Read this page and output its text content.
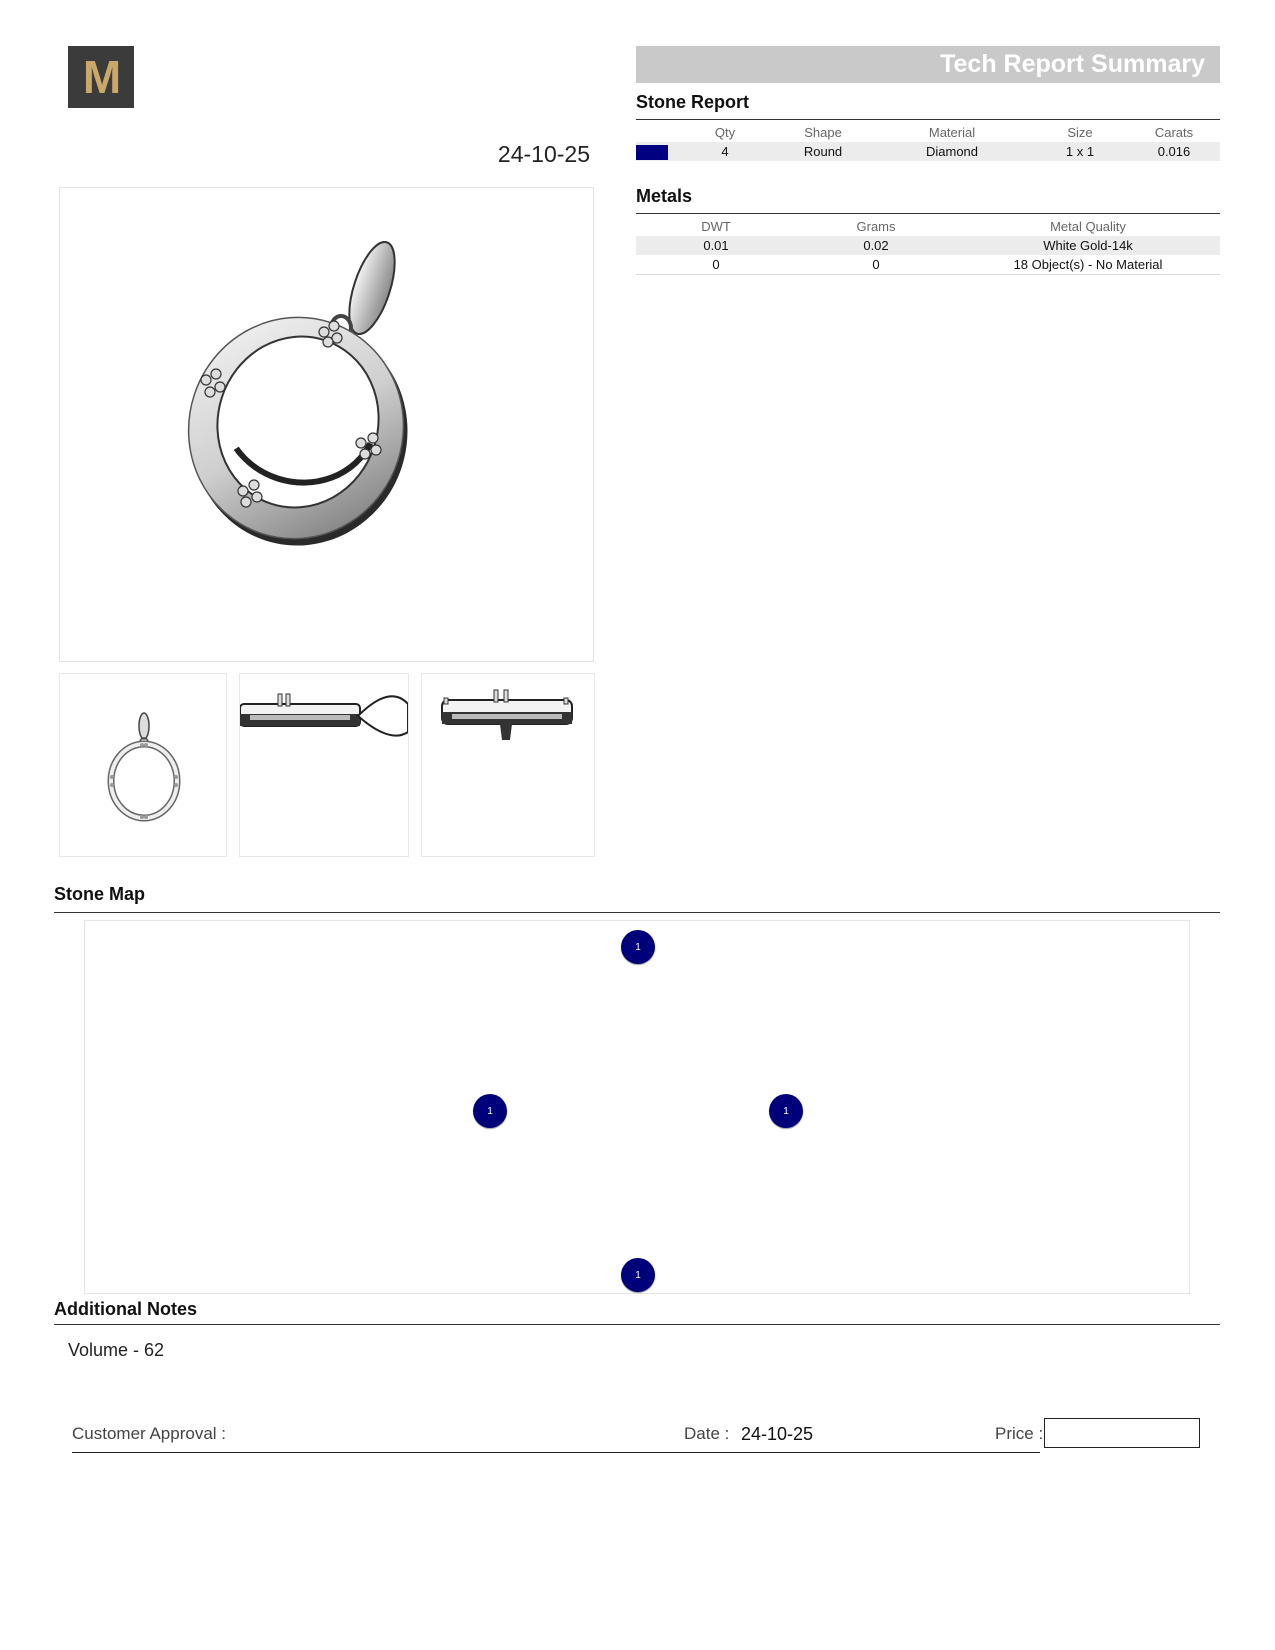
M
24-10-25
Tech Report Summary
Stone Report
	Qty	Shape	Material	Size	Carats
	4	Round	Diamond	1 x 1	0.016
Metals
DWT	Grams	Metal Quality
0.01	0.02	White Gold-14k
0	0	18 Object(s) - No Material
Stone Map
1
1	1
1
Additional Notes
Volume - 62
Customer Approval :	Date : 24-10-25	Price :
